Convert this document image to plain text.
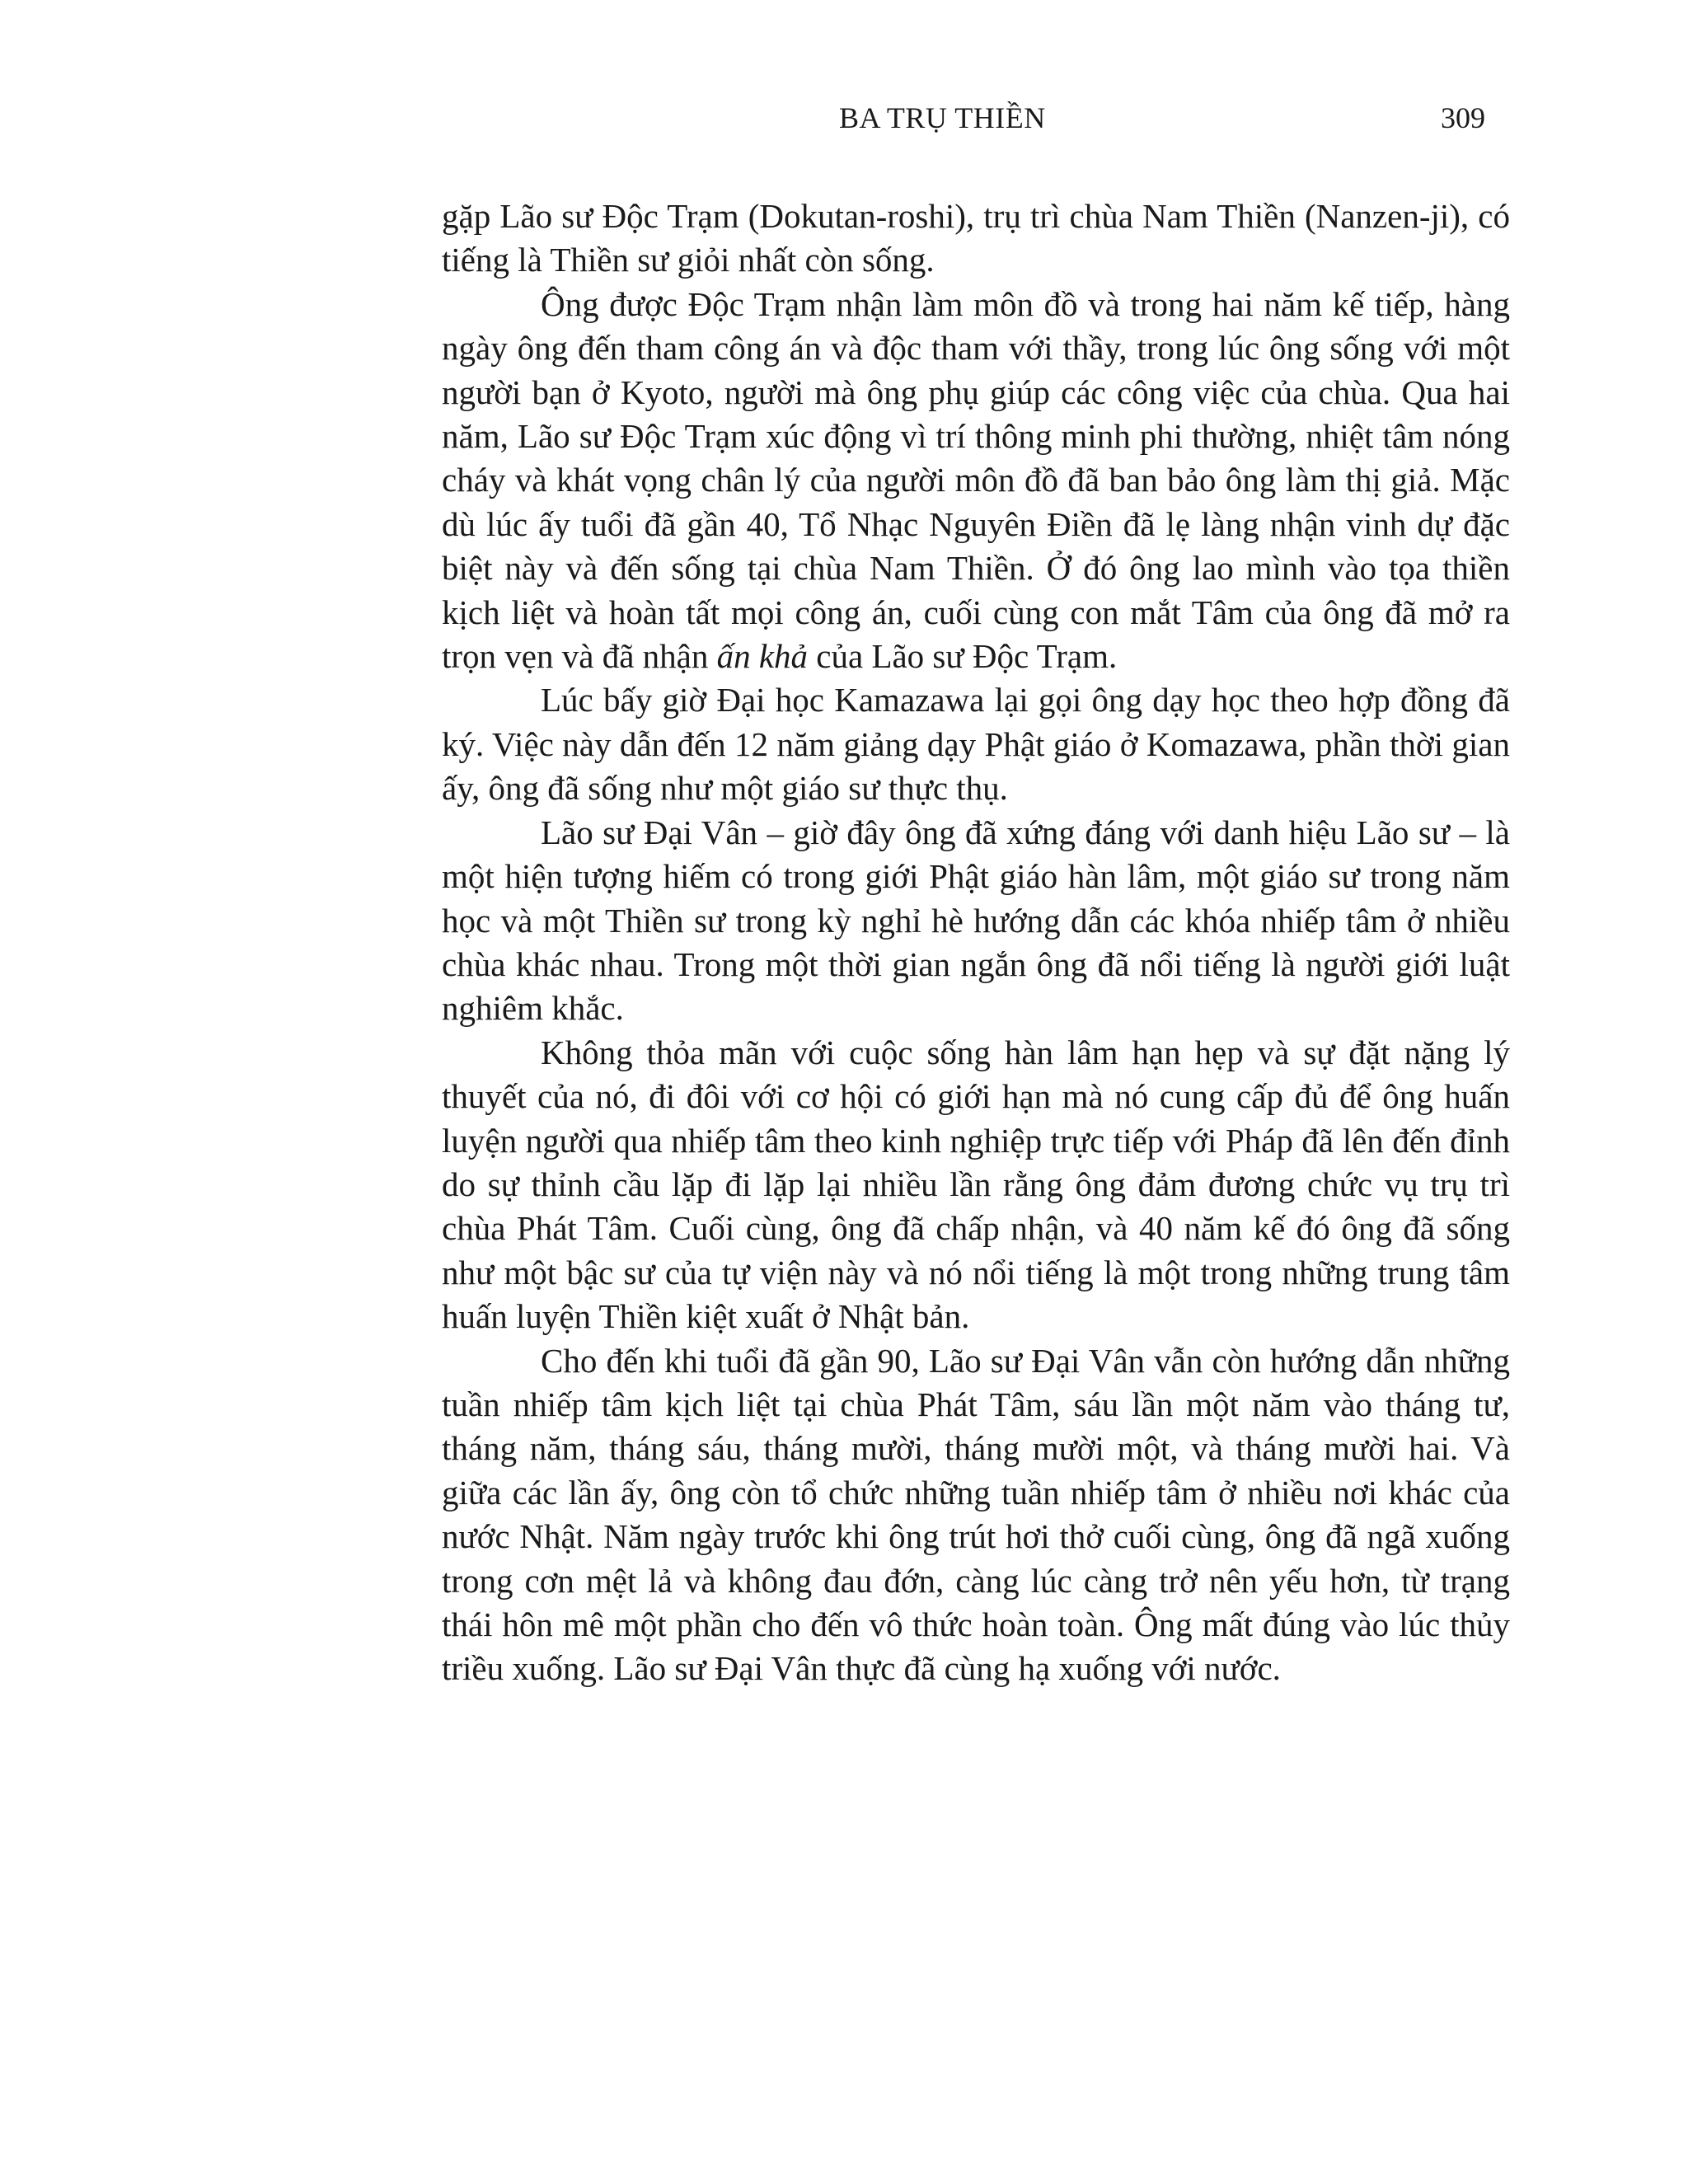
BA TRỤ THIỀN	309

gặp Lão sư Độc Trạm (Dokutan-roshi), trụ trì chùa Nam Thiền (Nanzen-ji), có tiếng là Thiền sư giỏi nhất còn sống.

Ông được Độc Trạm nhận làm môn đồ và trong hai năm kế tiếp, hàng ngày ông đến tham công án và độc tham với thầy, trong lúc ông sống với một người bạn ở Kyoto, người mà ông phụ giúp các công việc của chùa. Qua hai năm, Lão sư Độc Trạm xúc động vì trí thông minh phi thường, nhiệt tâm nóng cháy và khát vọng chân lý của người môn đồ đã ban bảo ông làm thị giả. Mặc dù lúc ấy tuổi đã gần 40, Tổ Nhạc Nguyên Điền đã lẹ làng nhận vinh dự đặc biệt này và đến sống tại chùa Nam Thiền. Ở đó ông lao mình vào tọa thiền kịch liệt và hoàn tất mọi công án, cuối cùng con mắt Tâm của ông đã mở ra trọn vẹn và đã nhận ấn khả của Lão sư Độc Trạm.

Lúc bấy giờ Đại học Kamazawa lại gọi ông dạy học theo hợp đồng đã ký. Việc này dẫn đến 12 năm giảng dạy Phật giáo ở Komazawa, phần thời gian ấy, ông đã sống như một giáo sư thực thụ.

Lão sư Đại Vân – giờ đây ông đã xứng đáng với danh hiệu Lão sư – là một hiện tượng hiếm có trong giới Phật giáo hàn lâm, một giáo sư trong năm học và một Thiền sư trong kỳ nghỉ hè hướng dẫn các khóa nhiếp tâm ở nhiều chùa khác nhau. Trong một thời gian ngắn ông đã nổi tiếng là người giới luật nghiêm khắc.

Không thỏa mãn với cuộc sống hàn lâm hạn hẹp và sự đặt nặng lý thuyết của nó, đi đôi với cơ hội có giới hạn mà nó cung cấp đủ để ông huấn luyện người qua nhiếp tâm theo kinh nghiệp trực tiếp với Pháp đã lên đến đỉnh do sự thỉnh cầu lặp đi lặp lại nhiều lần rằng ông đảm đương chức vụ trụ trì chùa Phát Tâm. Cuối cùng, ông đã chấp nhận, và 40 năm kế đó ông đã sống như một bậc sư của tự viện này và nó nổi tiếng là một trong những trung tâm huấn luyện Thiền kiệt xuất ở Nhật bản.

Cho đến khi tuổi đã gần 90, Lão sư Đại Vân vẫn còn hướng dẫn những tuần nhiếp tâm kịch liệt tại chùa Phát Tâm, sáu lần một năm vào tháng tư, tháng năm, tháng sáu, tháng mười, tháng mười một, và tháng mười hai. Và giữa các lần ấy, ông còn tổ chức những tuần nhiếp tâm ở nhiều nơi khác của nước Nhật. Năm ngày trước khi ông trút hơi thở cuối cùng, ông đã ngã xuống trong cơn mệt lả và không đau đớn, càng lúc càng trở nên yếu hơn, từ trạng thái hôn mê một phần cho đến vô thức hoàn toàn. Ông mất đúng vào lúc thủy triều xuống. Lão sư Đại Vân thực đã cùng hạ xuống với nước.
